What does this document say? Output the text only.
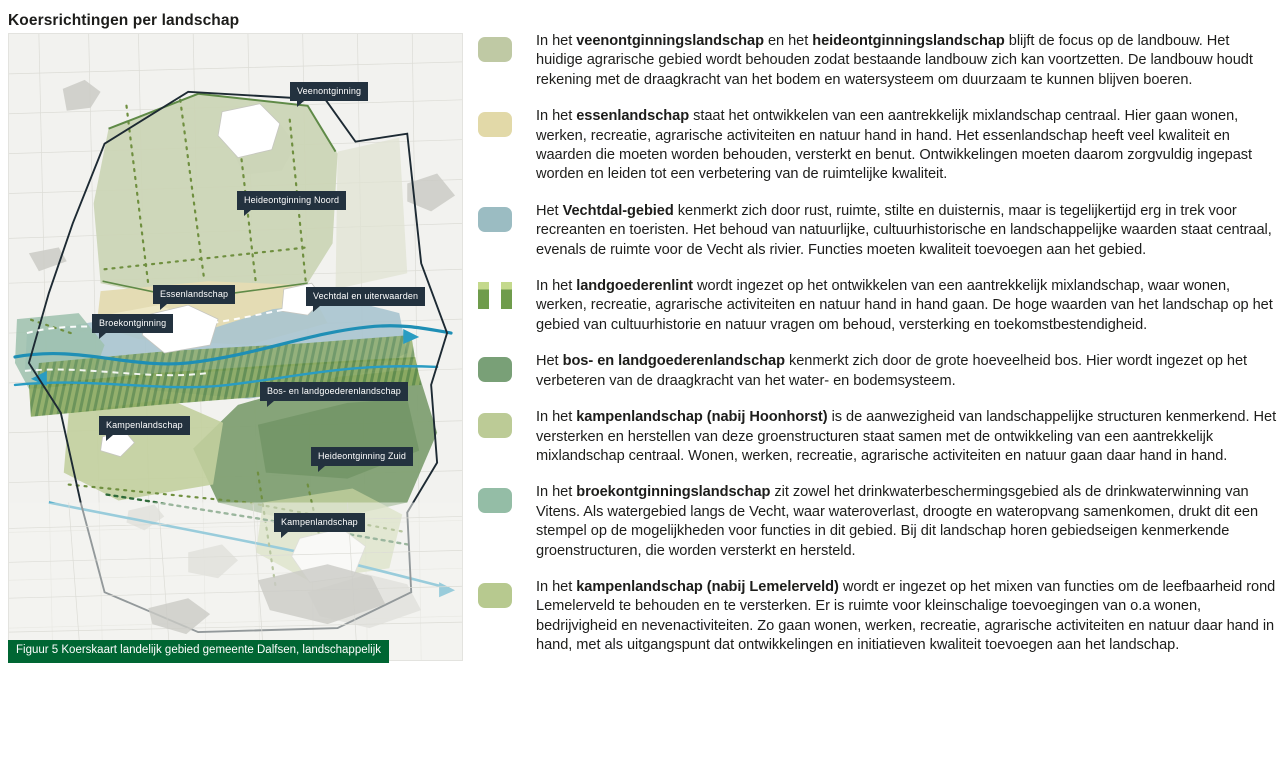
Koersrichtingen per landschap
Veenontginning
Heideontginning Noord
Essenlandschap	Vechtdal en uiterwaarden
Broekontginning
Bos- en landgoederenlandschap
Kampenlandschap
Heideontginning Zuid
Kampenlandschap
Figuur 5 Koerskaart landelijk gebied gemeente Dalfsen, landschappelijk
In het veenontginningslandschap en het heideontginningslandschap blijft de focus op de landbouw. Het huidige agrarische gebied wordt behouden zodat bestaande landbouw zich kan voortzetten. De landbouw houdt rekening met de draagkracht van het bodem en watersysteem om duurzaam te kunnen blijven boeren.
In het essenlandschap staat het ontwikkelen van een aantrekkelijk mixlandschap centraal. Hier gaan wonen, werken, recreatie, agrarische activiteiten en natuur hand in hand. Het essenlandschap heeft veel kwaliteit en waarden die moeten worden behouden, versterkt en benut. Ontwikkelingen moeten daarom zorgvuldig ingepast worden en leiden tot een verbetering van de ruimtelijke kwaliteit.
Het Vechtdal-gebied kenmerkt zich door rust, ruimte, stilte en duisternis, maar is tegelijkertijd erg in trek voor recreanten en toeristen. Het behoud van natuurlijke, cultuurhistorische en landschappelijke waarden staat centraal, evenals de ruimte voor de Vecht als rivier. Functies moeten kwaliteit toevoegen aan het gebied.
In het landgoederenlint wordt ingezet op het ontwikkelen van een aantrekkelijk mixlandschap, waar wonen, werken, recreatie, agrarische activiteiten en natuur hand in hand gaan. De hoge waarden van het landschap op het gebied van cultuurhistorie en natuur vragen om behoud, versterking en toekomstbestendigheid.
Het bos- en landgoederenlandschap kenmerkt zich door de grote hoeveelheid bos. Hier wordt ingezet op het verbeteren van de draagkracht van het water- en bodemsysteem.
In het kampenlandschap (nabij Hoonhorst) is de aanwezigheid van landschappelijke structuren kenmerkend. Het versterken en herstellen van deze groenstructuren staat samen met de ontwikkeling van een aantrekkelijk mixlandschap centraal. Wonen, werken, recreatie, agrarische activiteiten en natuur gaan daar hand in hand.
In het broekontginningslandschap zit zowel het drinkwaterbeschermingsgebied als de drinkwaterwinning van Vitens. Als watergebied langs de Vecht, waar wateroverlast, droogte en wateropvang samenkomen, drukt dit een stempel op de mogelijkheden voor functies in dit gebied. Bij dit landschap horen gebiedseigen kenmerkende groenstructuren, die worden versterkt en hersteld.
In het kampenlandschap (nabij Lemelerveld) wordt er ingezet op het mixen van functies om de leefbaarheid rond Lemelerveld te behouden en te versterken. Er is ruimte voor kleinschalige toevoegingen van o.a wonen, bedrijvigheid en nevenactiviteiten. Zo gaan wonen, werken, recreatie, agrarische activiteiten en natuur daar hand in hand, met als uitgangspunt dat ontwikkelingen en initiatieven kwaliteit toevoegen aan het landschap.
